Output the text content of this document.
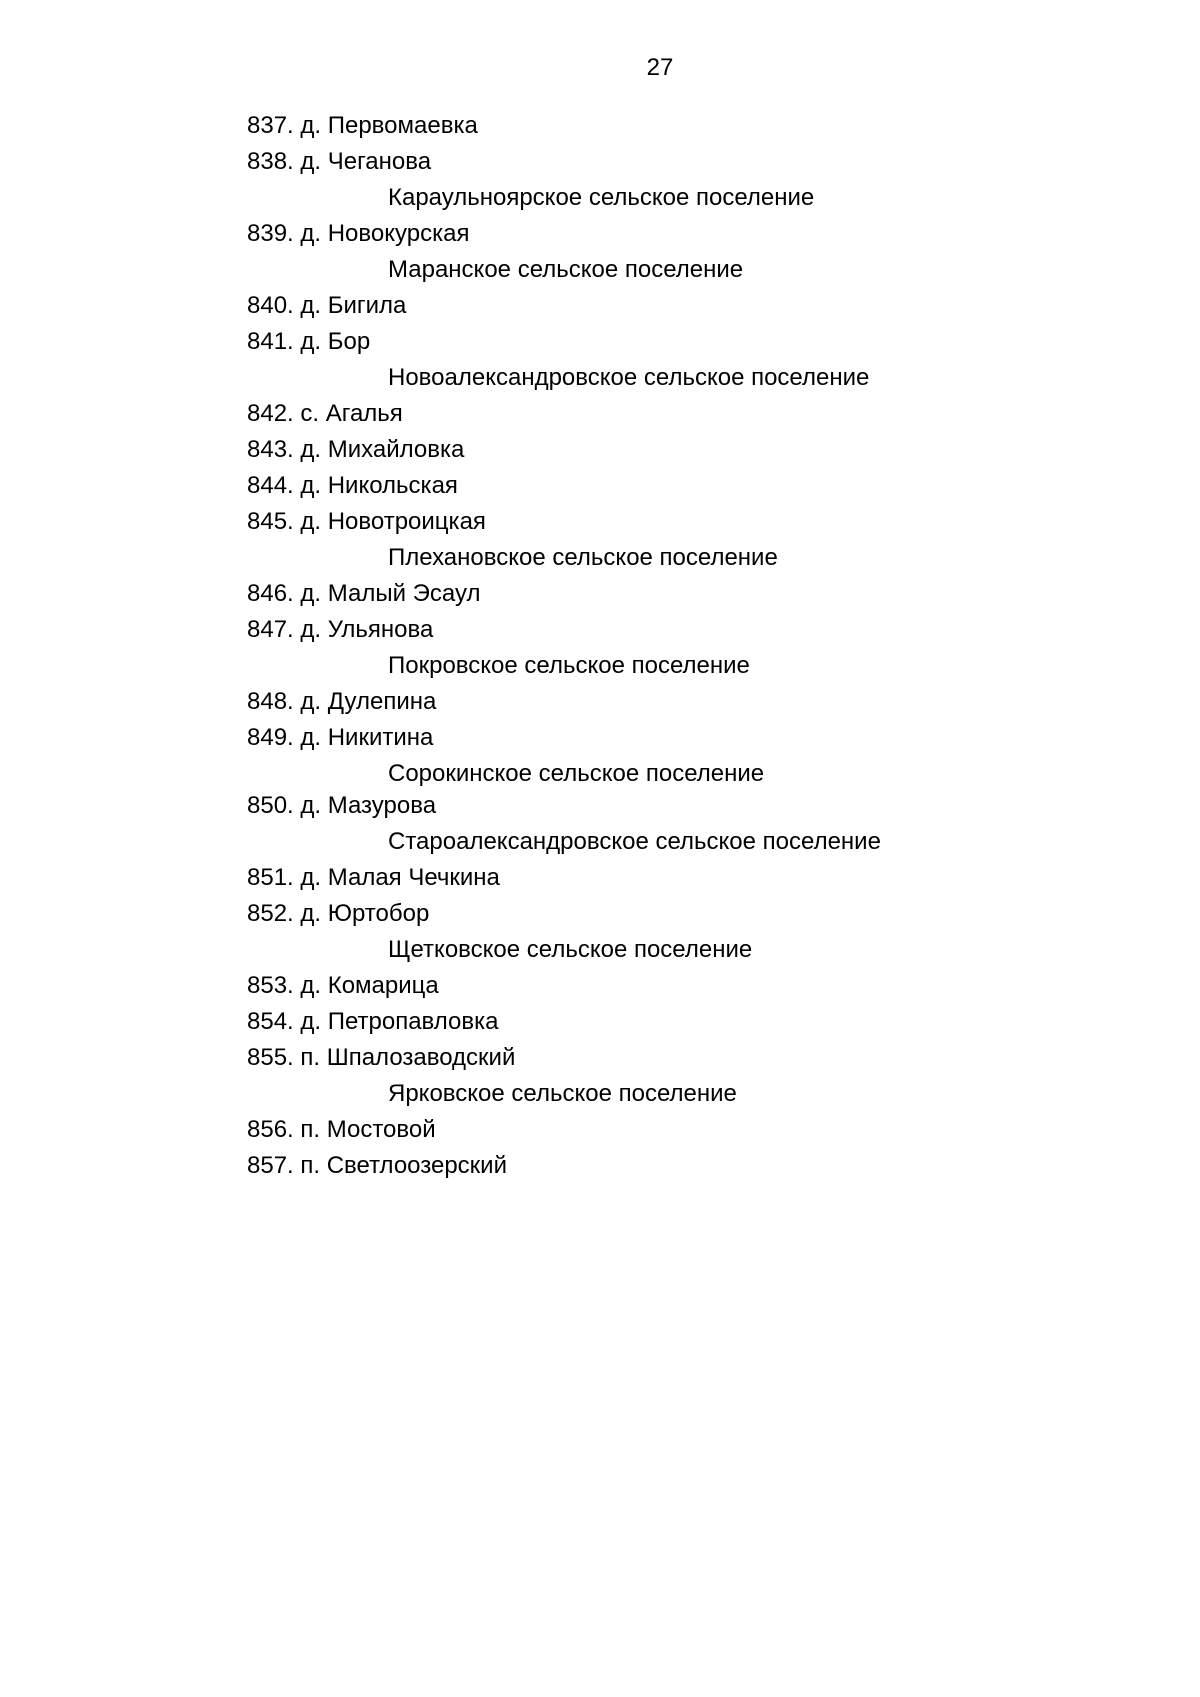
27
837. д. Первомаевка
838. д. Чеганова
Караульноярское сельское поселение
839. д. Новокурская
Маранское сельское поселение
840. д. Бигила
841. д. Бор
Новоалександровское сельское поселение
842. с. Агалья
843. д. Михайловка
844. д. Никольская
845. д. Новотроицкая
Плехановское сельское поселение
846. д. Малый Эсаул
847. д. Ульянова
Покровское сельское поселение
848. д. Дулепина
849. д. Никитина
Сорокинское сельское поселение
850. д. Мазурова
Староалександровское сельское поселение
851. д. Малая Чечкина
852. д. Юртобор
Щетковское сельское поселение
853. д. Комарица
854. д. Петропавловка
855. п. Шпалозаводский
Ярковское сельское поселение
856. п. Мостовой
857. п. Светлоозерский
